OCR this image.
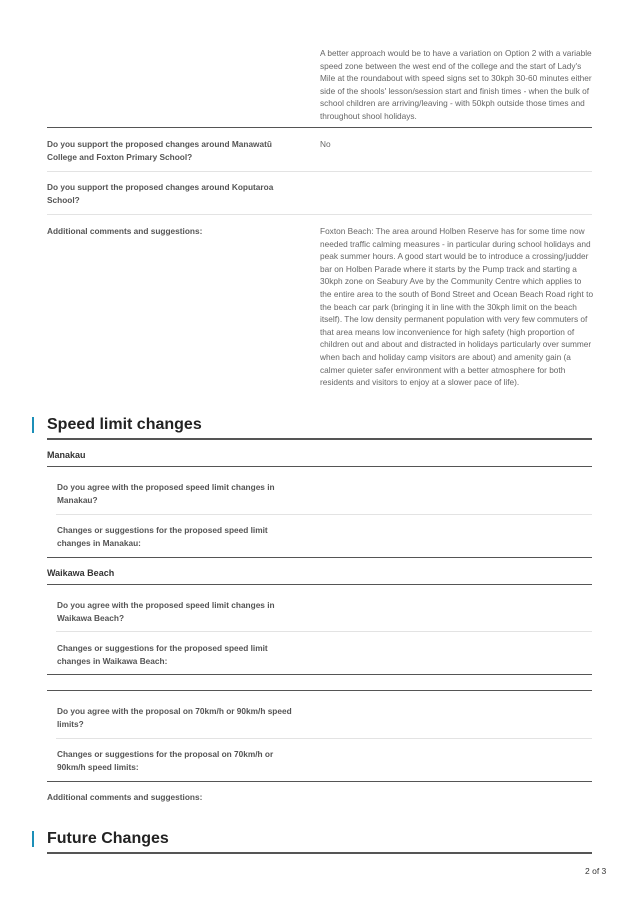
A better approach would be to have a variation on Option 2 with a variable speed zone between the west end of the college and the start of Lady's Mile at the roundabout with speed signs set to 30kph 30-60 minutes either side of the shools' lesson/session start and finish times - when the bulk of school children are arriving/leaving - with 50kph outside those times and throughout shool holidays.
Do you support the proposed changes around Manawatū College and Foxton Primary School?
No
Do you support the proposed changes around Koputaroa School?
Additional comments and suggestions:	Foxton Beach: The area around Holben Reserve has for some time now needed traffic calming measures - in particular during school holidays and peak summer hours. A good start would be to introduce a crossing/judder bar on Holben Parade where it starts by the Pump track and starting a 30kph zone on Seabury Ave by the Community Centre which applies to the entire area to the south of Bond Street and Ocean Beach Road right to the beach car park (bringing it in line with the 30kph limit on the beach itself). The low density permanent population with very few commuters of that area means low inconvenience for high safety (high proportion of children out and about and distracted in holidays particularly over summer when bach and holiday camp visitors are about) and amenity gain (a calmer quieter safer environment with a better atmosphere for both residents and visitors to enjoy at a slower pace of life).
Speed limit changes
Manakau
Do you agree with the proposed speed limit changes in Manakau?
Changes or suggestions for the proposed speed limit changes in Manakau:
Waikawa Beach
Do you agree with the proposed speed limit changes in Waikawa Beach?
Changes or suggestions for the proposed speed limit changes in Waikawa Beach:
Do you agree with the proposal on 70km/h or 90km/h speed limits?
Changes or suggestions for the proposal on 70km/h or 90km/h speed limits:
Additional comments and suggestions:
Future Changes
2 of 3
